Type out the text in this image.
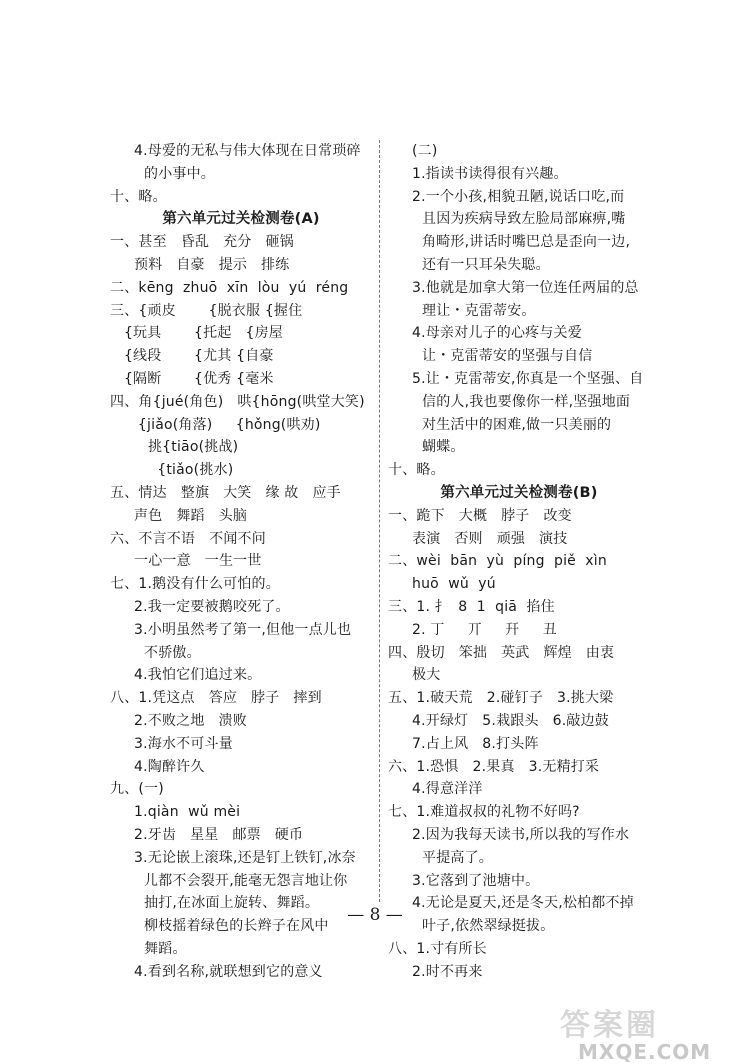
4.母爱的无私与伟大体现在日常琐碎
的小事中。
十、略。
第六单元过关检测卷(A)
一、甚至   昏乱   充分   砸锅
预料   自豪   提示   排练
二、kēng  zhuō  xīn  lòu  yú  réng
三、{顽皮       {脱衣服 {握住
{玩具       {托起   {房屋
{线段       {尤其 {自豪
{隔断       {优秀 {毫米
四、角{jué(角色)   哄{hōng(哄堂大笑)
{jiǎo(角落)     {hǒng(哄劝)
挑{tiāo(挑战)
{tiǎo(挑水)
五、情达   整旗   大笑   缘 故   应手
声色   舞蹈   头脑
六、不言不语   不闻不问
一心一意   一生一世
七、1.鹅没有什么可怕的。
2.我一定要被鹅咬死了。
3.小明虽然考了第一,但他一点儿也
不骄傲。
4.我怕它们追过来。
八、1.凭这点   答应   脖子   摔到
2.不败之地   溃败
3.海水不可斗量
4.陶醉许久
九、(一)
1.qiàn  wǔ mèi
2.牙齿   星星   邮票   硬币
3.无论嵌上滚珠,还是钉上铁钉,冰奈
儿都不会裂开,能毫无怨言地让你
抽打,在冰面上旋转、舞蹈。
柳枝摇着绿色的长辫子在风中
舞蹈。
4.看到名称,就联想到它的意义
(二)
1.指读书读得很有兴趣。
2.一个小孩,相貌丑陋,说话口吃,而
且因为疾病导致左脸局部麻痹,嘴
角畸形,讲话时嘴巴总是歪向一边,
还有一只耳朵失聪。
3.他就是加拿大第一位连任两届的总
理让・克雷蒂安。
4.母亲对儿子的心疼与关爱
让・克雷蒂安的坚强与自信
5.让・克雷蒂安,你真是一个坚强、自
信的人,我也要像你一样,坚强地面
对生活中的困难,做一只美丽的
蝴蝶。
十、略。
第六单元过关检测卷(B)
一、跪下   大概   脖子   改变
表演   否则   顽强   演技
二、wèi  bān  yù  píng  piě  xìn
huō  wǔ  yú
三、1. 扌  8  1  qiā  掐住
2. 丁     丌     幵     丑
四、殷切   笨拙   英武   辉煌   由衷
极大
五、1.破天荒   2.碰钉子   3.挑大梁
4.开绿灯   5.栽跟头   6.敲边鼓
7.占上风   8.打头阵
六、1.恐惧   2.果真   3.无精打采
4.得意洋洋
七、1.难道叔叔的礼物不好吗?
2.因为我每天读书,所以我的写作水
平提高了。
3.它落到了池塘中。
4.无论是夏天,还是冬天,松柏都不掉
叶子,依然翠绿挺拔。
八、1.寸有所长
2.时不再来
— 8 —
答案圈
MXQE.COM
